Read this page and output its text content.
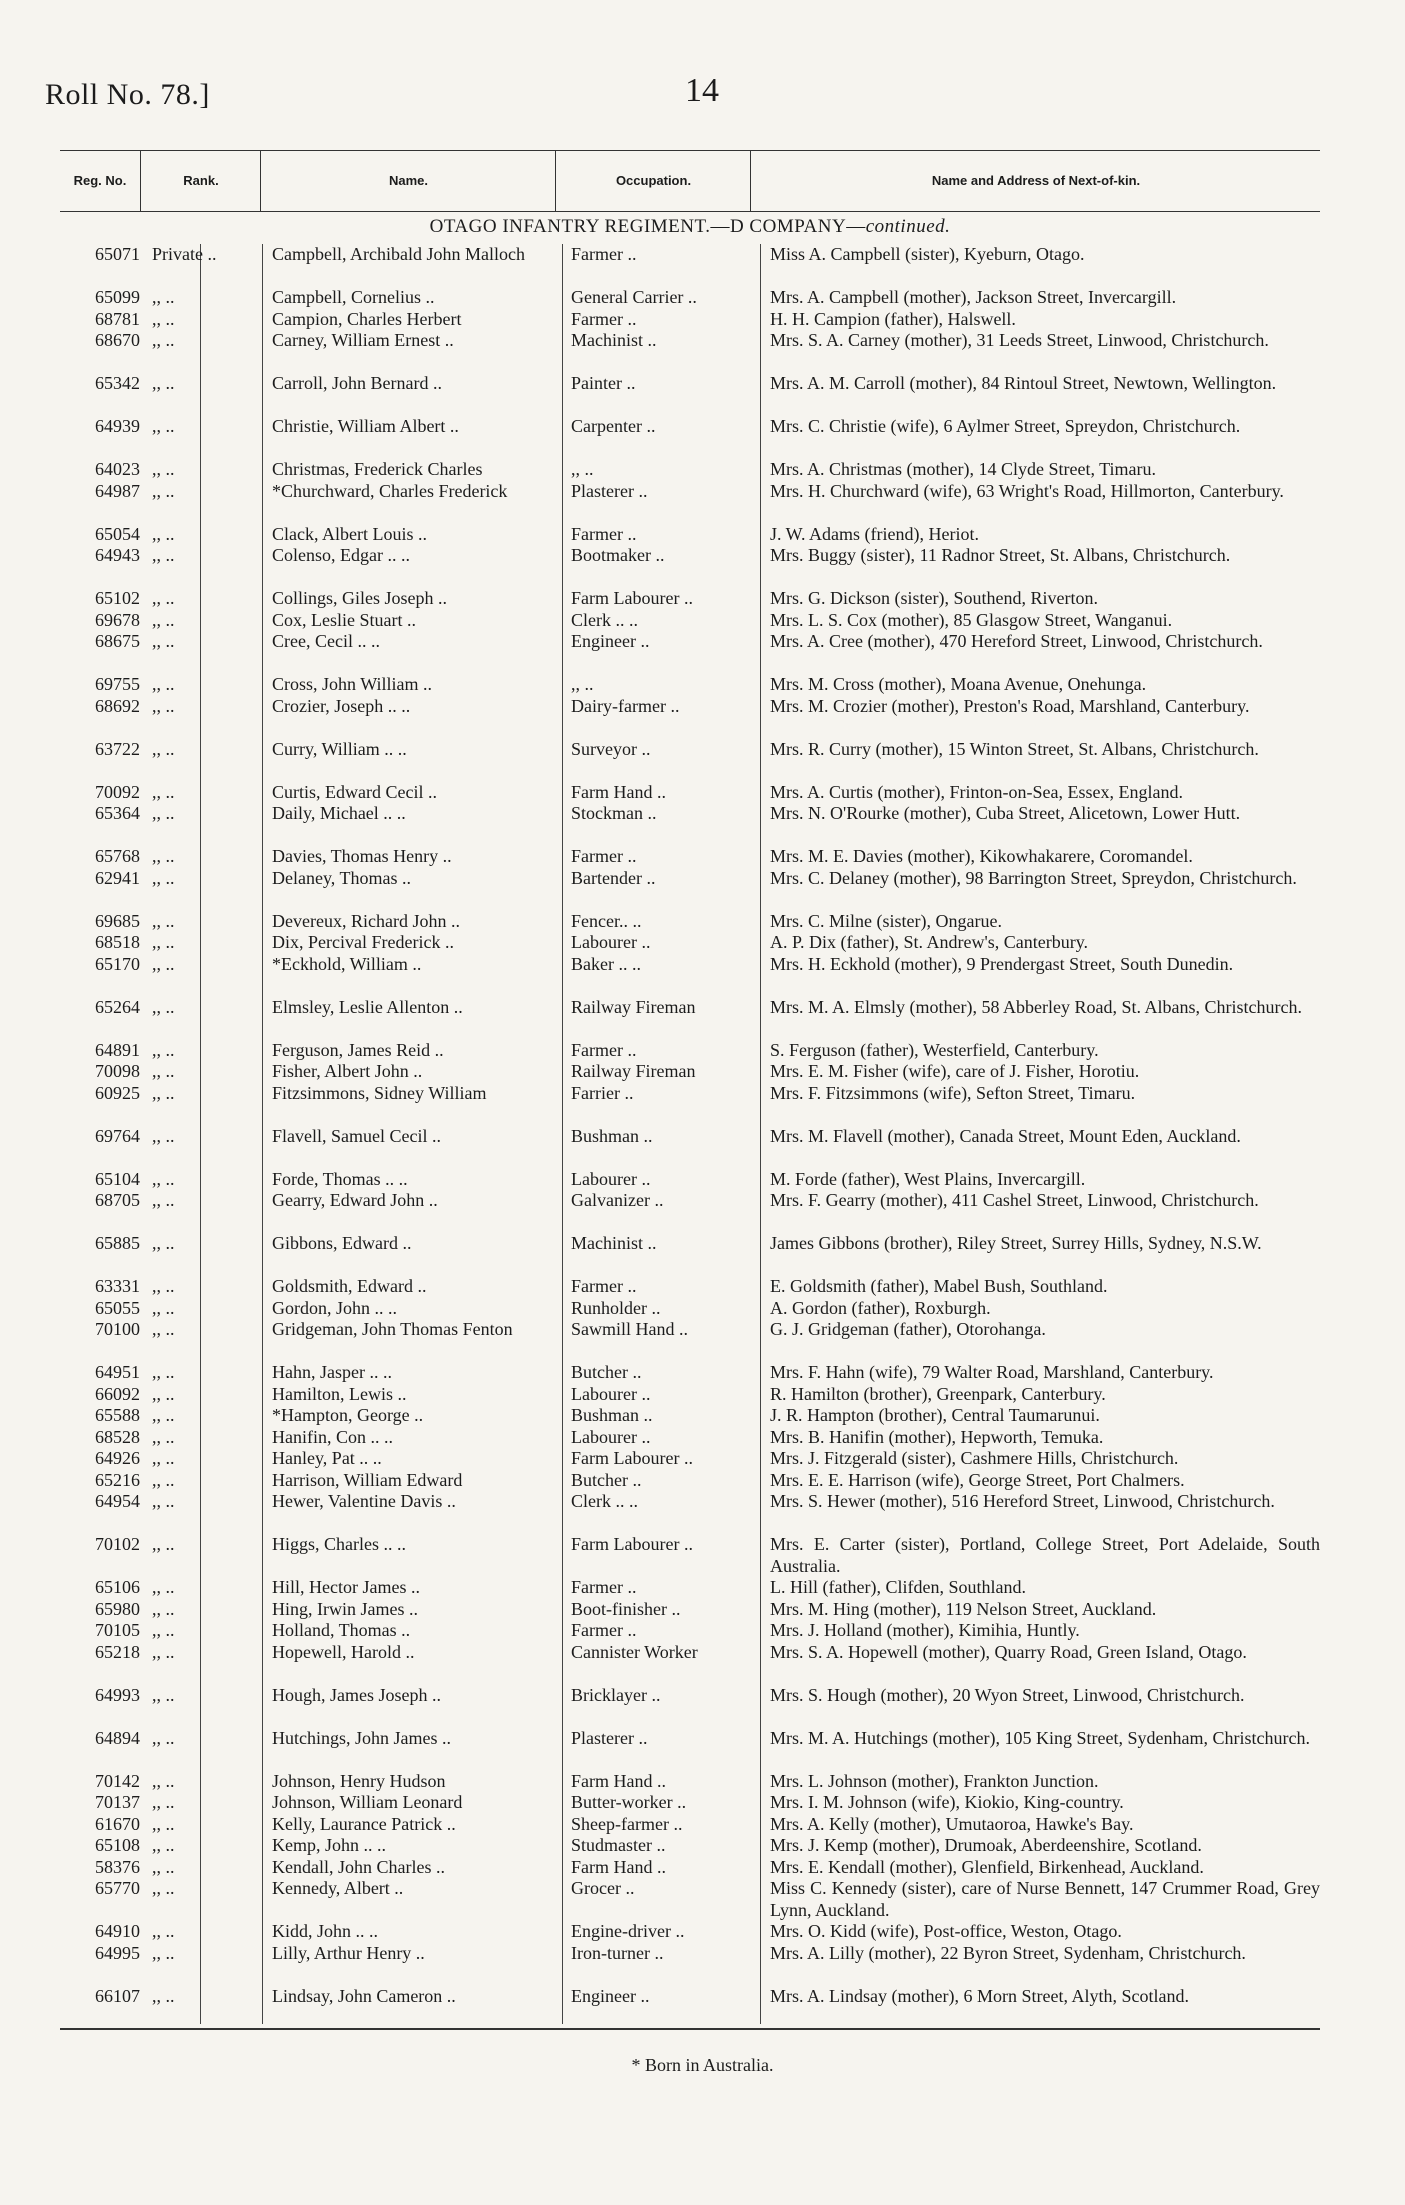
Roll No. 78.]	14
Reg. No.	Rank.	Name.	Occupation.	Name and Address of Next-of-kin.
OTAGO INFANTRY REGIMENT.—D COMPANY—continued.
65071 Private ..	Campbell, Archibald John Malloch	Farmer ..	Miss A. Campbell (sister), Kyeburn, Otago.
65099 ,, ..	Campbell, Cornelius ..	General Carrier ..	Mrs. A. Campbell (mother), Jackson Street, Invercargill.
68781 ,, ..	Campion, Charles Herbert	Farmer ..	H. H. Campion (father), Halswell.
68670 ,, ..	Carney, William Ernest ..	Machinist ..	Mrs. S. A. Carney (mother), 31 Leeds Street, Linwood, Christchurch.
65342 ,, ..	Carroll, John Bernard ..	Painter ..	Mrs. A. M. Carroll (mother), 84 Rintoul Street, Newtown, Wellington.
64939 ,, ..	Christie, William Albert ..	Carpenter ..	Mrs. C. Christie (wife), 6 Aylmer Street, Spreydon, Christchurch.
64023 ,, ..	Christmas, Frederick Charles	,, ..	Mrs. A. Christmas (mother), 14 Clyde Street, Timaru.
64987 ,, ..	*Churchward, Charles Frederick	Plasterer ..	Mrs. H. Churchward (wife), 63 Wright's Road, Hillmorton, Canterbury.
65054 ,, ..	Clack, Albert Louis ..	Farmer ..	J. W. Adams (friend), Heriot.
64943 ,, ..	Colenso, Edgar .. ..	Bootmaker ..	Mrs. Buggy (sister), 11 Radnor Street, St. Albans, Christchurch.
65102 ,, ..	Collings, Giles Joseph ..	Farm Labourer ..	Mrs. G. Dickson (sister), Southend, Riverton.
69678 ,, ..	Cox, Leslie Stuart ..	Clerk .. ..	Mrs. L. S. Cox (mother), 85 Glasgow Street, Wanganui.
68675 ,, ..	Cree, Cecil .. ..	Engineer ..	Mrs. A. Cree (mother), 470 Hereford Street, Linwood, Christchurch.
69755 ,, ..	Cross, John William ..	,, ..	Mrs. M. Cross (mother), Moana Avenue, Onehunga.
68692 ,, ..	Crozier, Joseph .. ..	Dairy-farmer ..	Mrs. M. Crozier (mother), Preston's Road, Marshland, Canterbury.
63722 ,, ..	Curry, William .. ..	Surveyor ..	Mrs. R. Curry (mother), 15 Winton Street, St. Albans, Christchurch.
70092 ,, ..	Curtis, Edward Cecil ..	Farm Hand ..	Mrs. A. Curtis (mother), Frinton-on-Sea, Essex, England.
65364 ,, ..	Daily, Michael .. ..	Stockman ..	Mrs. N. O'Rourke (mother), Cuba Street, Alicetown, Lower Hutt.
65768 ,, ..	Davies, Thomas Henry ..	Farmer ..	Mrs. M. E. Davies (mother), Kikowhakarere, Coromandel.
62941 ,, ..	Delaney, Thomas ..	Bartender ..	Mrs. C. Delaney (mother), 98 Barrington Street, Spreydon, Christchurch.
69685 ,, ..	Devereux, Richard John ..	Fencer.. ..	Mrs. C. Milne (sister), Ongarue.
68518 ,, ..	Dix, Percival Frederick ..	Labourer ..	A. P. Dix (father), St. Andrew's, Canterbury.
65170 ,, ..	*Eckhold, William ..	Baker .. ..	Mrs. H. Eckhold (mother), 9 Prendergast Street, South Dunedin.
65264 ,, ..	Elmsley, Leslie Allenton ..	Railway Fireman	Mrs. M. A. Elmsly (mother), 58 Abberley Road, St. Albans, Christchurch.
64891 ,, ..	Ferguson, James Reid ..	Farmer ..	S. Ferguson (father), Westerfield, Canterbury.
70098 ,, ..	Fisher, Albert John ..	Railway Fireman	Mrs. E. M. Fisher (wife), care of J. Fisher, Horotiu.
60925 ,, ..	Fitzsimmons, Sidney William	Farrier ..	Mrs. F. Fitzsimmons (wife), Sefton Street, Timaru.
69764 ,, ..	Flavell, Samuel Cecil ..	Bushman ..	Mrs. M. Flavell (mother), Canada Street, Mount Eden, Auckland.
65104 ,, ..	Forde, Thomas .. ..	Labourer ..	M. Forde (father), West Plains, Invercargill.
68705 ,, ..	Gearry, Edward John ..	Galvanizer ..	Mrs. F. Gearry (mother), 411 Cashel Street, Linwood, Christchurch.
65885 ,, ..	Gibbons, Edward ..	Machinist ..	James Gibbons (brother), Riley Street, Surrey Hills, Sydney, N.S.W.
63331 ,, ..	Goldsmith, Edward ..	Farmer ..	E. Goldsmith (father), Mabel Bush, Southland.
65055 ,, ..	Gordon, John .. ..	Runholder ..	A. Gordon (father), Roxburgh.
70100 ,, ..	Gridgeman, John Thomas Fenton	Sawmill Hand ..	G. J. Gridgeman (father), Otorohanga.
64951 ,, ..	Hahn, Jasper .. ..	Butcher ..	Mrs. F. Hahn (wife), 79 Walter Road, Marshland, Canterbury.
66092 ,, ..	Hamilton, Lewis ..	Labourer ..	R. Hamilton (brother), Greenpark, Canterbury.
65588 ,, ..	*Hampton, George ..	Bushman ..	J. R. Hampton (brother), Central Taumarunui.
68528 ,, ..	Hanifin, Con .. ..	Labourer ..	Mrs. B. Hanifin (mother), Hepworth, Temuka.
64926 ,, ..	Hanley, Pat .. ..	Farm Labourer ..	Mrs. J. Fitzgerald (sister), Cashmere Hills, Christchurch.
65216 ,, ..	Harrison, William Edward	Butcher ..	Mrs. E. E. Harrison (wife), George Street, Port Chalmers.
64954 ,, ..	Hewer, Valentine Davis ..	Clerk .. ..	Mrs. S. Hewer (mother), 516 Hereford Street, Linwood, Christchurch.
70102 ,, ..	Higgs, Charles .. ..	Farm Labourer ..	Mrs. E. Carter (sister), Portland, College Street, Port Adelaide, South Australia.
65106 ,, ..	Hill, Hector James ..	Farmer ..	L. Hill (father), Clifden, Southland.
65980 ,, ..	Hing, Irwin James ..	Boot-finisher ..	Mrs. M. Hing (mother), 119 Nelson Street, Auckland.
70105 ,, ..	Holland, Thomas ..	Farmer ..	Mrs. J. Holland (mother), Kimihia, Huntly.
65218 ,, ..	Hopewell, Harold ..	Cannister Worker	Mrs. S. A. Hopewell (mother), Quarry Road, Green Island, Otago.
64993 ,, ..	Hough, James Joseph ..	Bricklayer ..	Mrs. S. Hough (mother), 20 Wyon Street, Linwood, Christchurch.
64894 ,, ..	Hutchings, John James ..	Plasterer ..	Mrs. M. A. Hutchings (mother), 105 King Street, Sydenham, Christchurch.
70142 ,, ..	Johnson, Henry Hudson	Farm Hand ..	Mrs. L. Johnson (mother), Frankton Junction.
70137 ,, ..	Johnson, William Leonard	Butter-worker ..	Mrs. I. M. Johnson (wife), Kiokio, King-country.
61670 ,, ..	Kelly, Laurance Patrick ..	Sheep-farmer ..	Mrs. A. Kelly (mother), Umutaoroa, Hawke's Bay.
65108 ,, ..	Kemp, John .. ..	Studmaster ..	Mrs. J. Kemp (mother), Drumoak, Aberdeenshire, Scotland.
58376 ,, ..	Kendall, John Charles ..	Farm Hand ..	Mrs. E. Kendall (mother), Glenfield, Birkenhead, Auckland.
65770 ,, ..	Kennedy, Albert ..	Grocer ..	Miss C. Kennedy (sister), care of Nurse Bennett, 147 Crummer Road, Grey Lynn, Auckland.
64910 ,, ..	Kidd, John .. ..	Engine-driver ..	Mrs. O. Kidd (wife), Post-office, Weston, Otago.
64995 ,, ..	Lilly, Arthur Henry ..	Iron-turner ..	Mrs. A. Lilly (mother), 22 Byron Street, Sydenham, Christchurch.
66107 ,, ..	Lindsay, John Cameron ..	Engineer ..	Mrs. A. Lindsay (mother), 6 Morn Street, Alyth, Scotland.
* Born in Australia.
